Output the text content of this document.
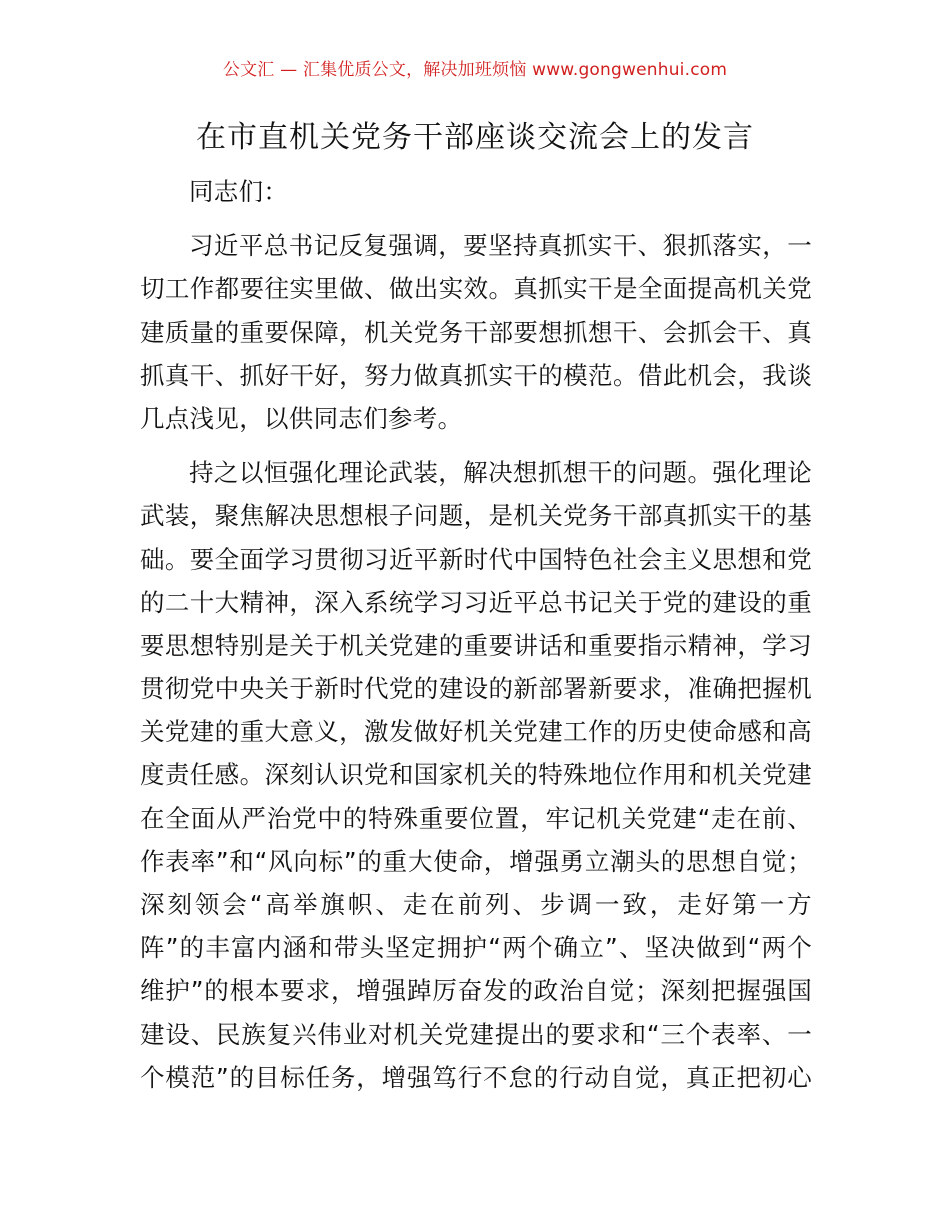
公文汇 — 汇集优质公文，解决加班烦恼 www.gongwenhui.com
在市直机关党务干部座谈交流会上的发言
同志们：
习近平总书记反复强调，要坚持真抓实干、狠抓落实，一
切工作都要往实里做、做出实效。真抓实干是全面提高机关党
建质量的重要保障，机关党务干部要想抓想干、会抓会干、真
抓真干、抓好干好，努力做真抓实干的模范。借此机会，我谈
几点浅见，以供同志们参考。
持之以恒强化理论武装，解决想抓想干的问题。强化理论
武装，聚焦解决思想根子问题，是机关党务干部真抓实干的基
础。要全面学习贯彻习近平新时代中国特色社会主义思想和党
的二十大精神，深入系统学习习近平总书记关于党的建设的重
要思想特别是关于机关党建的重要讲话和重要指示精神，学习
贯彻党中央关于新时代党的建设的新部署新要求，准确把握机
关党建的重大意义，激发做好机关党建工作的历史使命感和高
度责任感。深刻认识党和国家机关的特殊地位作用和机关党建
在全面从严治党中的特殊重要位置，牢记机关党建“走在前、
作表率”和“风向标”的重大使命，增强勇立潮头的思想自觉；
深刻领会“高举旗帜、走在前列、步调一致，走好第一方
阵”的丰富内涵和带头坚定拥护“两个确立”、坚决做到“两个
维护”的根本要求，增强踔厉奋发的政治自觉；深刻把握强国
建设、民族复兴伟业对机关党建提出的要求和“三个表率、一
个模范”的目标任务，增强笃行不怠的行动自觉，真正把初心
